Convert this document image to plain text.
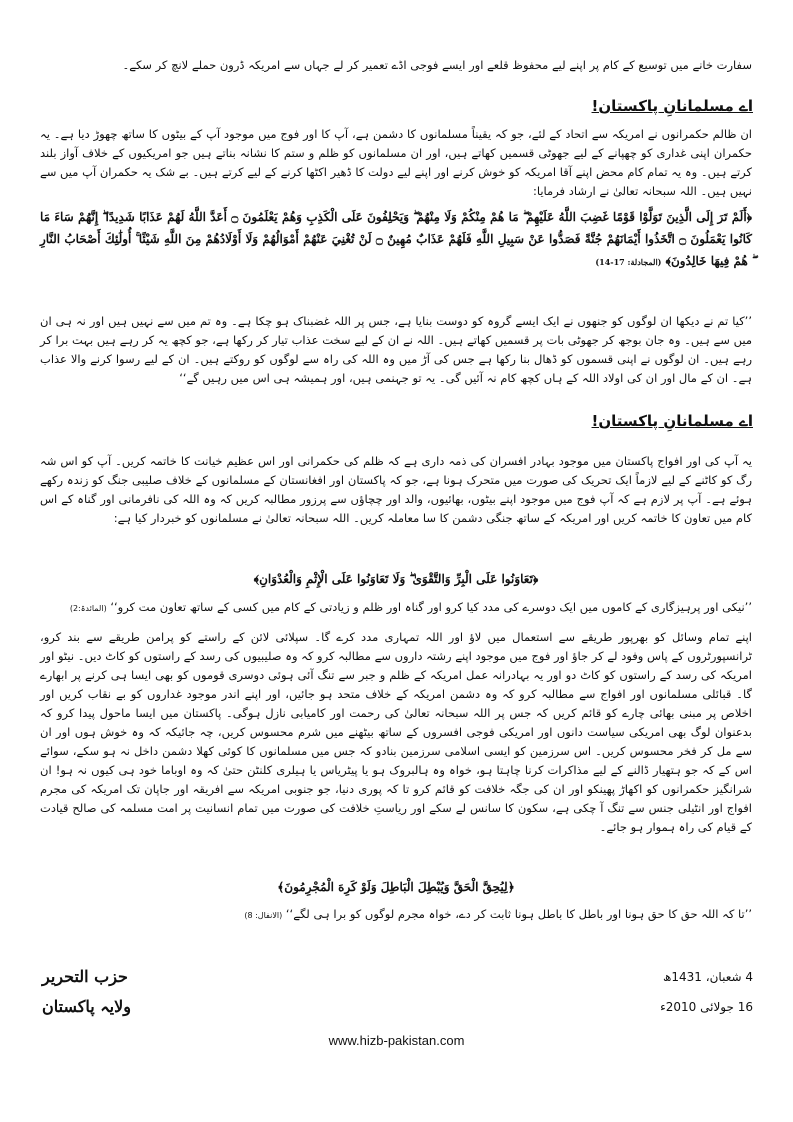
سفارت خانے میں توسیع کے کام پر اپنے لیے محفوظ قلعے اور ایسے فوجی اڈے تعمیر کر لے جہاں سے امریکہ ڈرون حملے لانچ کر سکے۔
اے مسلمانانِ پاکستان!
ان ظالم حکمرانوں نے امریکہ سے اتحاد کے لئے، جو کہ یقیناً مسلمانوں کا دشمن ہے، آپ کا اور فوج میں موجود آپ کے بیٹوں کا ساتھ چھوڑ دیا ہے۔ یہ حکمران اپنی غداری کو چھپانے کے لیے جھوٹی قسمیں کھاتے ہیں، اور ان مسلمانوں کو ظلم و ستم کا نشانہ بناتے ہیں جو امریکیوں کے خلاف آواز بلند کرتے ہیں۔ وہ یہ تمام کام محض اپنے آقا امریکہ کو خوش کرنے اور اپنے لیے دولت کا ڈھیر اکٹھا کرنے کے لیے کرتے ہیں۔ بے شک یہ حکمران آپ میں سے نہیں ہیں۔ اللہ سبحانہ تعالیٰ نے ارشاد فرمایا:
﴿أَلَمْ تَرَ إِلَى الَّذِينَ تَوَلَّوْا قَوْمًا غَضِبَ اللَّهُ عَلَيْهِمْ ۖ مَا هُمْ مِنْكُمْ وَلَا مِنْهُمْ ۖ وَيَحْلِفُونَ عَلَى الْكَذِبِ وَهُمْ يَعْلَمُونَ ۝ أَعَدَّ اللَّهُ لَهُمْ عَذَابًا شَدِيدًا ۖ إِنَّهُمْ سَاءَ مَا كَانُوا يَعْمَلُونَ ۝ اتَّخَذُوا أَيْمَانَهُمْ جُنَّةً فَصَدُّوا عَنْ سَبِيلِ اللَّهِ فَلَهُمْ عَذَابٌ مُهِينٌ ۝ لَنْ تُغْنِيَ عَنْهُمْ أَمْوَالُهُمْ وَلَا أَوْلَادُهُمْ مِنَ اللَّهِ شَيْئًا ۚ أُولَٰئِكَ أَصْحَابُ النَّارِ ۖ هُمْ فِيهَا خَالِدُونَ﴾ (المجادلة: 17-14)
’’کیا تم نے دیکھا ان لوگوں کو جنھوں نے ایک ایسے گروہ کو دوست بنایا ہے، جس پر اللہ غضبناک ہو چکا ہے۔ وہ تم میں سے نہیں ہیں اور نہ ہی ان میں سے ہیں۔ وہ جان بوجھ کر جھوٹی بات پر قسمیں کھاتے ہیں۔ اللہ نے ان کے لیے سخت عذاب تیار کر رکھا ہے، جو کچھ یہ کر رہے ہیں بہت برا کر رہے ہیں۔ ان لوگوں نے اپنی قسموں کو ڈھال بنا رکھا ہے جس کی آڑ میں وہ اللہ کی راہ سے لوگوں کو روکتے ہیں۔ ان کے لیے رسوا کرنے والا عذاب ہے۔ ان کے مال اور ان کی اولاد اللہ کے ہاں کچھ کام نہ آئیں گی۔ یہ تو جہنمی ہیں، اور ہمیشہ ہی اس میں رہیں گے‘‘
اے مسلمانانِ پاکستان!
یہ آپ کی اور افواج پاکستان میں موجود بہادر افسران کی ذمہ داری ہے کہ ظلم کی حکمرانی اور اس عظیم خیانت کا خاتمہ کریں۔ آپ کو اس شہ رگ کو کاٹنے کے لیے لازماً ایک تحریک کی صورت میں متحرک ہونا ہے، جو کہ پاکستان اور افغانستان کے مسلمانوں کے خلاف صلیبی جنگ کو زندہ رکھے ہوئے ہے۔ آپ پر لازم ہے کہ آپ فوج میں موجود اپنے بیٹوں، بھائیوں، والد اور چچاؤں سے پرزور مطالبہ کریں کہ وہ اللہ کی نافرمانی اور گناہ کے اس کام میں تعاون کا خاتمہ کریں اور امریکہ کے ساتھ جنگی دشمن کا سا معاملہ کریں۔ اللہ سبحانہ تعالیٰ نے مسلمانوں کو خبردار کیا ہے:
﴿تَعَاوَنُوا عَلَى الْبِرِّ وَالتَّقْوَىٰ ۖ وَلَا تَعَاوَنُوا عَلَى الْإِثْمِ وَالْعُدْوَانِ﴾
’’نیکی اور پرہیزگاری کے کاموں میں ایک دوسرے کی مدد کیا کرو اور گناہ اور ظلم و زیادتی کے کام میں کسی کے ساتھ تعاون مت کرو‘‘ (المائدۃ:2)
اپنے تمام وسائل کو بھرپور طریقے سے استعمال میں لاؤ اور اللہ تمہاری مدد کرے گا۔ سپلائی لائن کے راستے کو پرامن طریقے سے بند کرو، ٹرانسپورٹروں کے پاس وفود لے کر جاؤ اور فوج میں موجود اپنے رشتہ داروں سے مطالبہ کرو کہ وہ صلیبیوں کی رسد کے راستوں کو کاٹ دیں۔ نیٹو اور امریکہ کی رسد کے راستوں کو کاٹ دو اور یہ بہادرانہ عمل امریکہ کے ظلم و جبر سے تنگ آئی ہوئی دوسری قوموں کو بھی ایسا ہی کرنے پر ابھارے گا۔ قبائلی مسلمانوں اور افواج سے مطالبہ کرو کہ وہ دشمن امریکہ کے خلاف متحد ہو جائیں، اور اپنے اندر موجود غداروں کو بے نقاب کریں اور اخلاص پر مبنی بھائی چارے کو قائم کریں کہ جس پر اللہ سبحانہ تعالیٰ کی رحمت اور کامیابی نازل ہوگی۔ پاکستان میں ایسا ماحول پیدا کرو کہ بدعنوان لوگ بھی امریکی سیاست دانوں اور امریکی فوجی افسروں کے ساتھ بیٹھنے میں شرم محسوس کریں، چہ جائیکہ کہ وہ خوش ہوں اور ان سے مل کر فخر محسوس کریں۔ اس سرزمین کو ایسی اسلامی سرزمین بنادو کہ جس میں مسلمانوں کا کوئی کھلا دشمن داخل نہ ہو سکے، سوائے اس کے کہ جو ہتھیار ڈالنے کے لیے مذاکرات کرنا چاہتا ہو، خواہ وہ ہالبروک ہو یا پیٹریاس یا ہیلری کلنٹن حتیٰ کہ وہ اوباما خود ہی کیوں نہ ہو! ان شرانگیز حکمرانوں کو اکھاڑ پھینکو اور ان کی جگہ خلافت کو قائم کرو تا کہ پوری دنیا، جو جنوبی امریکہ سے افریقہ اور جاپان تک امریکہ کی مجرم افواج اور انٹیلی جنس سے تنگ آ چکی ہے، سکون کا سانس لے سکے اور ریاستِ خلافت کی صورت میں تمام انسانیت پر امت مسلمہ کی صالح قیادت کے قیام کی راہ ہموار ہو جائے۔
﴿لِيُحِقَّ الْحَقَّ وَيُبْطِلَ الْبَاطِلَ وَلَوْ كَرِهَ الْمُجْرِمُونَ﴾
’’تا کہ اللہ حق کا حق ہونا اور باطل کا باطل ہونا ثابت کر دے، خواہ مجرم لوگوں کو برا ہی لگے‘‘ (الانفال: 8)
حزب التحریر
ولایہ پاکستان
4 شعبان، 1431ھ
16 جولائی 2010ء
www.hizb-pakistan.com
